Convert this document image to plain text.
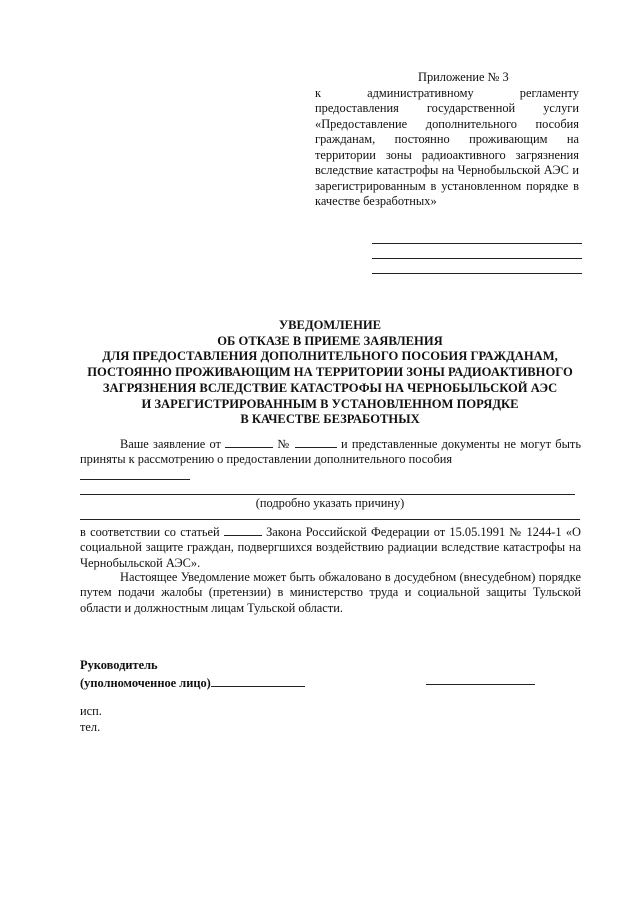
Приложение № 3
к административному регламенту предоставления государственной услуги «Предоставление дополнительного пособия гражданам, постоянно проживающим на территории зоны радиоактивного загрязнения вследствие катастрофы на Чернобыльской АЭС и зарегистрированным в установленном порядке в качестве безработных»
УВЕДОМЛЕНИЕ
ОБ ОТКАЗЕ В ПРИЕМЕ ЗАЯВЛЕНИЯ
ДЛЯ ПРЕДОСТАВЛЕНИЯ ДОПОЛНИТЕЛЬНОГО ПОСОБИЯ ГРАЖДАНАМ,
ПОСТОЯННО ПРОЖИВАЮЩИМ НА ТЕРРИТОРИИ ЗОНЫ РАДИОАКТИВНОГО
ЗАГРЯЗНЕНИЯ ВСЛЕДСТВИЕ КАТАСТРОФЫ НА ЧЕРНОБЫЛЬСКОЙ АЭС
И ЗАРЕГИСТРИРОВАННЫМ В УСТАНОВЛЕННОМ ПОРЯДКЕ
В КАЧЕСТВЕ БЕЗРАБОТНЫХ
Ваше заявление от	№	и представленные документы не могут быть приняты к рассмотрению о предоставлении дополнительного пособия
(подробно указать причину)
в соответствии со статьей	Закона Российской Федерации от 15.05.1991 № 1244-1 «О социальной защите граждан, подвергшихся воздействию радиации вследствие катастрофы на Чернобыльской АЭС».
Настоящее Уведомление может быть обжаловано в досудебном (внесудебном) порядке путем подачи жалобы (претензии) в министерство труда и социальной защиты Тульской области и должностным лицам Тульской области.
Руководитель
(уполномоченное лицо)
исп.
тел.
